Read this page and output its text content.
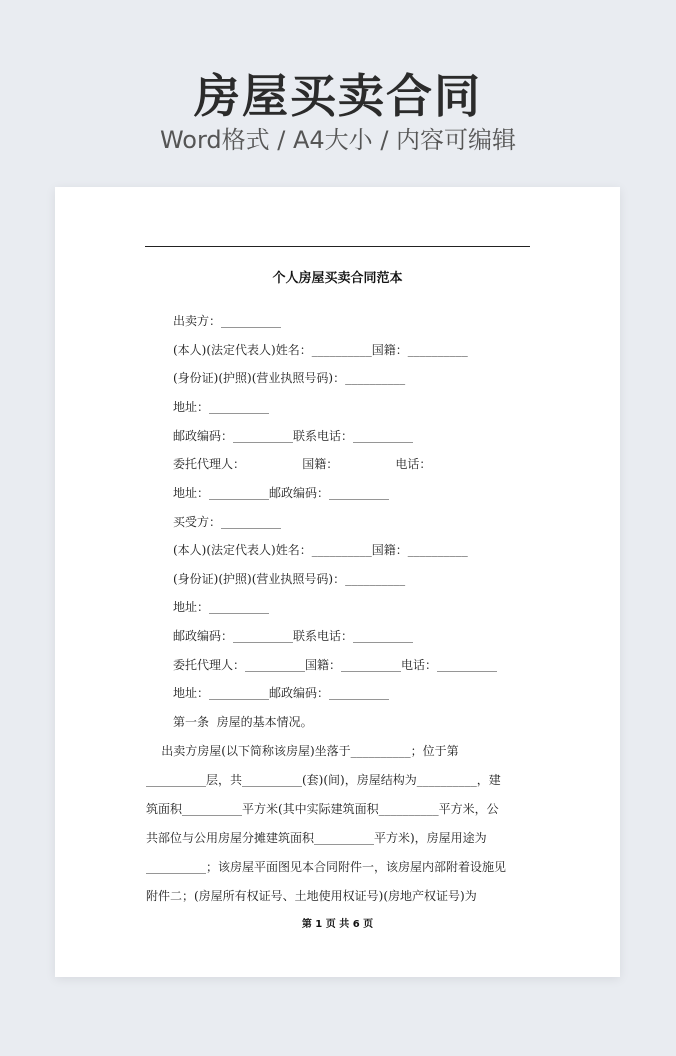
房屋买卖合同
Word格式 / A4大小 / 内容可编辑
个人房屋买卖合同范本
出卖方：__________
(本人)(法定代表人)姓名：__________国籍：__________
(身份证)(护照)(营业执照号码)：__________
地址：__________
邮政编码：__________联系电话：__________
委托代理人：               国籍：               电话：
地址：__________邮政编码：__________
买受方：__________
(本人)(法定代表人)姓名：__________国籍：__________
(身份证)(护照)(营业执照号码)：__________
地址：__________
邮政编码：__________联系电话：__________
委托代理人：__________国籍：__________电话：__________
地址：__________邮政编码：__________
第一条  房屋的基本情况。
出卖方房屋(以下简称该房屋)坐落于__________；位于第
__________层，共__________(套)(间)，房屋结构为__________，建
筑面积__________平方米(其中实际建筑面积__________平方米，公
共部位与公用房屋分摊建筑面积__________平方米)，房屋用途为
__________；该房屋平面图见本合同附件一，该房屋内部附着设施见
附件二；(房屋所有权证号、土地使用权证号)(房地产权证号)为
第 1 页 共 6 页
